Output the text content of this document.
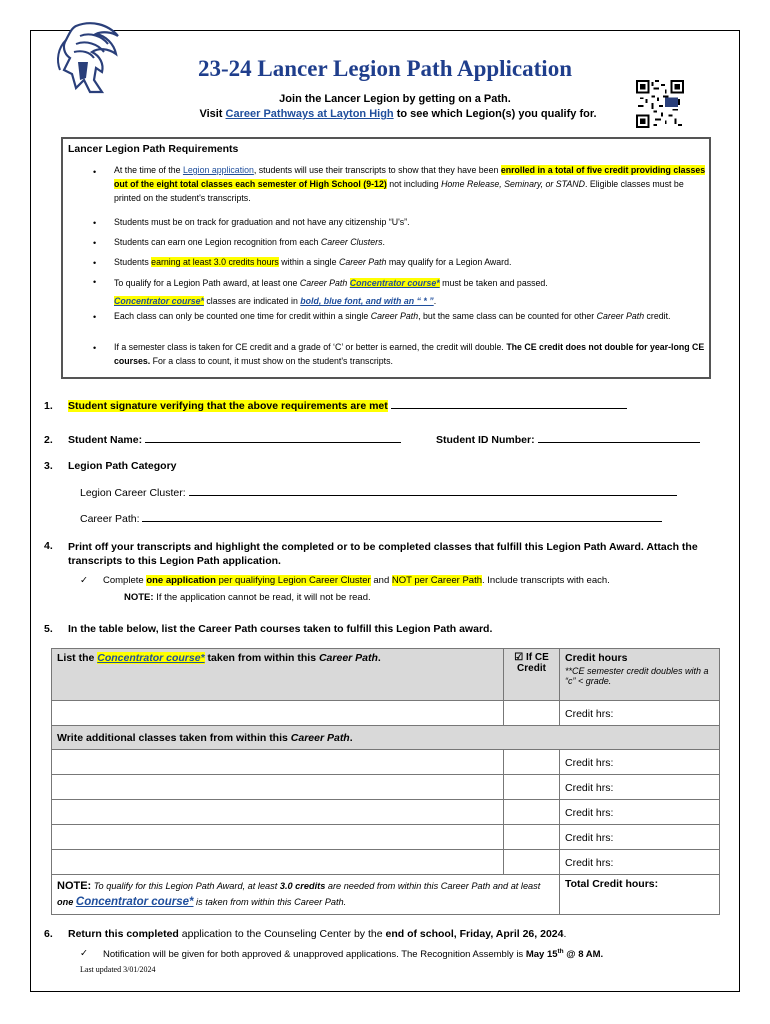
23-24 Lancer Legion Path Application
Join the Lancer Legion by getting on a Path.
Visit Career Pathways at Layton High to see which Legion(s) you qualify for.
Lancer Legion Path Requirements
• At the time of the Legion application, students will use their transcripts to show that they have been enrolled in a total of five credit providing classes out of the eight total classes each semester of High School (9-12) not including Home Release, Seminary, or STAND. Eligible classes must be printed on the student's transcripts.
• Students must be on track for graduation and not have any citizenship “U's”.
• Students can earn one Legion recognition from each Career Clusters.
• Students earning at least 3.0 credits hours within a single Career Path may qualify for a Legion Award.
• To qualify for a Legion Path award, at least one Career Path Concentrator course* must be taken and passed.
Concentrator course* classes are indicated in bold, blue font, and with an “ * ”.
• Each class can only be counted one time for credit within a single Career Path, but the same class can be counted for other Career Path credit.
• If a semester class is taken for CE credit and a grade of ‘C’ or better is earned, the credit will double. The CE credit does not double for year-long CE courses. For a class to count, it must show on the student's transcripts.
1. Student signature verifying that the above requirements are met
2. Student Name:	Student ID Number:
3. Legion Path Category
Legion Career Cluster:
Career Path:
4. Print off your transcripts and highlight the completed or to be completed classes that fulfill this Legion Path Award. Attach the transcripts to this Legion Path application.
✓ Complete one application per qualifying Legion Career Cluster and NOT per Career Path. Include transcripts with each.
NOTE: If the application cannot be read, it will not be read.
5. In the table below, list the Career Path courses taken to fulfill this Legion Path award.
List the Concentrator course* taken from within this Career Path.	☑ If CE Credit	Credit hours
**CE semester credit doubles with a “c” < grade.

		Credit hrs:
Write additional classes taken from within this Career Path.		
		Credit hrs:
		Credit hrs:
		Credit hrs:
		Credit hrs:
		Credit hrs:
NOTE: To qualify for this Legion Path Award, at least 3.0 credits are needed from within this Career Path and at least one Concentrator course* is taken from within this Career Path.		Total Credit hours:
6. Return this completed application to the Counseling Center by the end of school, Friday, April 26, 2024.
✓ Notification will be given for both approved & unapproved applications. The Recognition Assembly is May 15th @ 8 AM.
Last updated 3/01/2024
